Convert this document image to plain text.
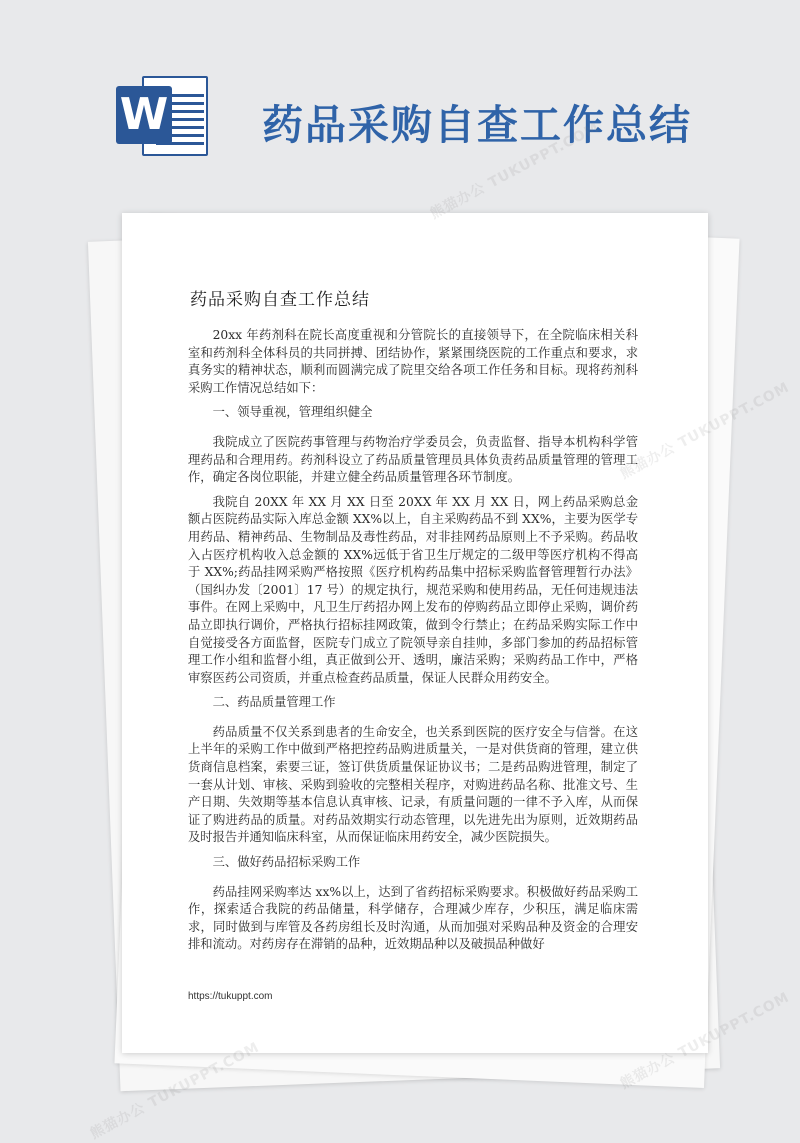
W 药品采购自查工作总结
药品采购自查工作总结

20xx 年药剂科在院长高度重视和分管院长的直接领导下，在全院临床相关科室和药剂科全体科员的共同拼搏、团结协作，紧紧围绕医院的工作重点和要求，求真务实的精神状态，顺利而圆满完成了院里交给各项工作任务和目标。现将药剂科采购工作情况总结如下：

一、领导重视，管理组织健全

我院成立了医院药事管理与药物治疗学委员会，负责监督、指导本机构科学管理药品和合理用药。药剂科设立了药品质量管理员具体负责药品质量管理的管理工作，确定各岗位职能，并建立健全药品质量管理各环节制度。

我院自 20XX 年 XX 月 XX 日至 20XX 年 XX 月 XX 日，网上药品采购总金额占医院药品实际入库总金额 XX%以上，自主采购药品不到 XX%，主要为医学专用药品、精神药品、生物制品及毒性药品，对非挂网药品原则上不予采购。药品收入占医疗机构收入总金额的 XX%远低于省卫生厅规定的二级甲等医疗机构不得高于 XX%;药品挂网采购严格按照《医疗机构药品集中招标采购监督管理暂行办法》（国纠办发〔2001〕17 号）的规定执行，规范采购和使用药品，无任何违规违法事件。在网上采购中，凡卫生厅药招办网上发布的停购药品立即停止采购，调价药品立即执行调价，严格执行招标挂网政策，做到令行禁止；在药品采购实际工作中自觉接受各方面监督，医院专门成立了院领导亲自挂帅，多部门参加的药品招标管理工作小组和监督小组，真正做到公开、透明，廉洁采购；采购药品工作中，严格审察医药公司资质，并重点检查药品质量，保证人民群众用药安全。

二、药品质量管理工作

药品质量不仅关系到患者的生命安全，也关系到医院的医疗安全与信誉。在这上半年的采购工作中做到严格把控药品购进质量关，一是对供货商的管理，建立供货商信息档案，索要三证，签订供货质量保证协议书；二是药品购进管理，制定了一套从计划、审核、采购到验收的完整相关程序，对购进药品名称、批准文号、生产日期、失效期等基本信息认真审核、记录，有质量问题的一律不予入库，从而保证了购进药品的质量。对药品效期实行动态管理，以先进先出为原则，近效期药品及时报告并通知临床科室，从而保证临床用药安全，减少医院损失。

三、做好药品招标采购工作

药品挂网采购率达 xx%以上，达到了省药招标采购要求。积极做好药品采购工作，探索适合我院的药品储量，科学储存，合理减少库存，少积压，满足临床需求，同时做到与库管及各药房组长及时沟通，从而加强对采购品种及资金的合理安排和流动。对药房存在滞销的品种，近效期品种以及破损品种做好

https://tukuppt.com
熊猫办公 TUKUPPT.COM
TUKUPPT.COM
TUKUPPT.COM
熊猫办公 TUKUPPT.COM
